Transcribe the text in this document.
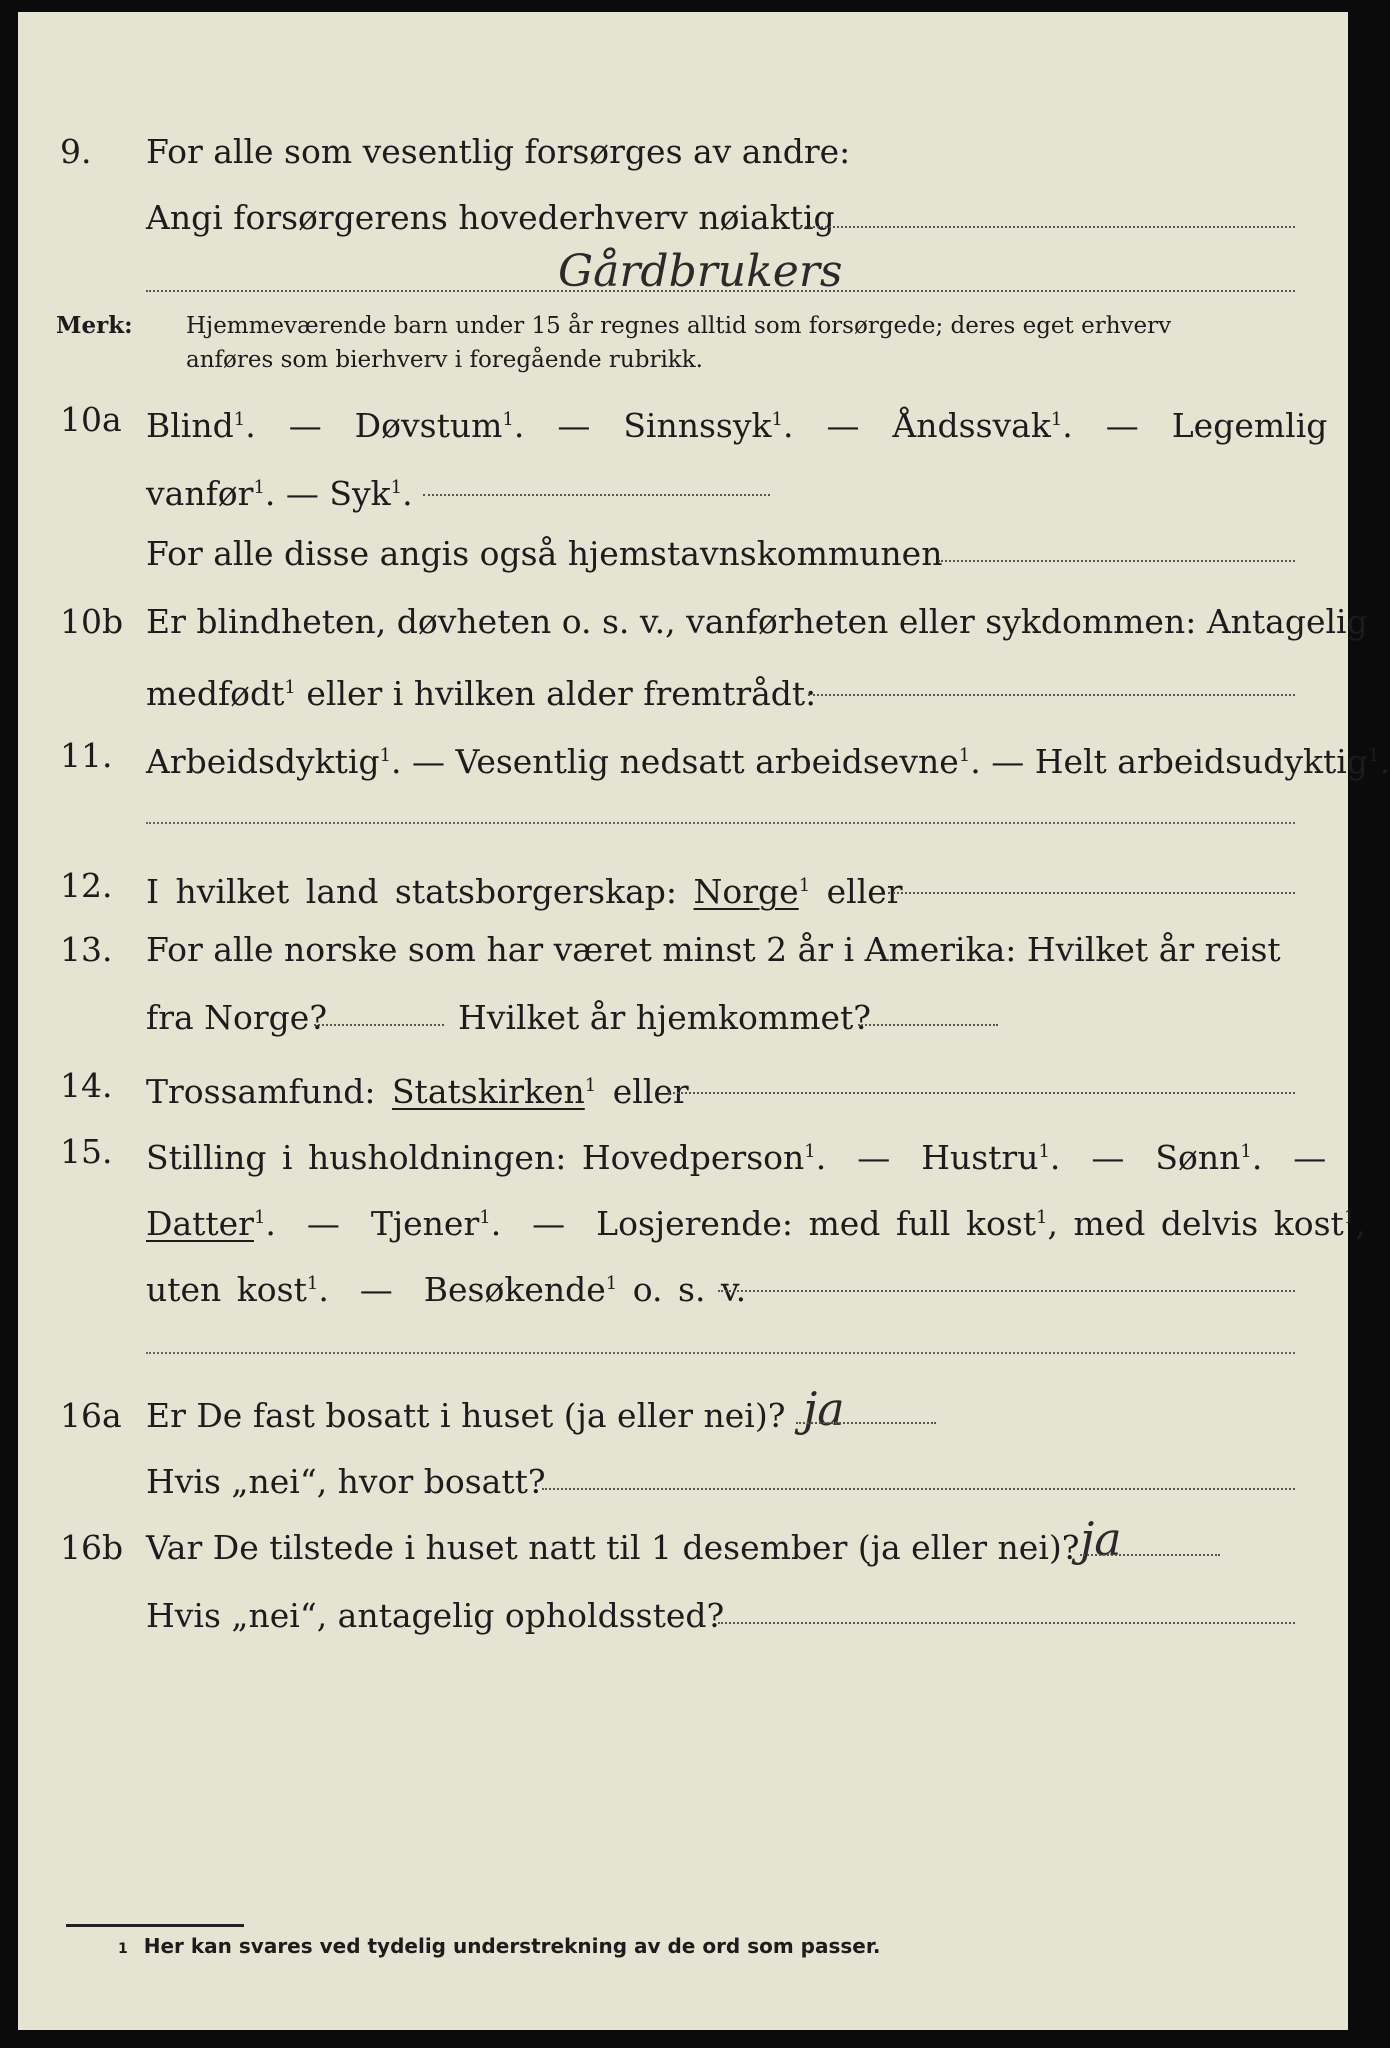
9. For alle som vesentlig forsørges av andre:
Angi forsørgerens hovederhverv nøiaktig
Gårdbrukers
Merk: Hjemmeværende barn under 15 år regnes alltid som forsørgede; deres eget erhverv
anføres som bierhverv i foregående rubrikk.
10a Blind$^1$.  — Døvstum$^1$.  — Sinnssyk$^1$.  — Åndssvak$^1$.  — Legemlig
vanfør$^1$. — Syk$^1$.
For alle disse angis også hjemstavnskommunen
10b Er blindheten, døvheten o. s. v., vanførheten eller sykdommen: Antagelig
medfødt$^1$ eller i hvilken alder fremtrådt:
11. Arbeidsdyktig$^1$. — Vesentlig nedsatt arbeidsevne$^1$. — Helt arbeidsudyktig$^1$.
12. I hvilket land statsborgerskap: Norge$^1$ eller
13. For alle norske som har været minst 2 år i Amerika: Hvilket år reist
fra Norge?	Hvilket år hjemkommet?
14. Trossamfund: Statskirken$^1$ eller
15. Stilling i husholdningen: Hovedperson$^1$.  — Hustru$^1$.  — Sønn$^1$.  —
Datter$^1$.  — Tjener$^1$.  — Losjerende: med full kost$^1$, med delvis kost$^1$,
uten kost$^1$.  — Besøkende$^1$ o. s. v.
16a Er De fast bosatt i huset (ja eller nei)? ja
Hvis „nei“, hvor bosatt?
16b Var De tilstede i huset natt til 1 desember (ja eller nei)? ja
Hvis „nei“, antagelig opholdssted?
1 Her kan svares ved tydelig understrekning av de ord som passer.
